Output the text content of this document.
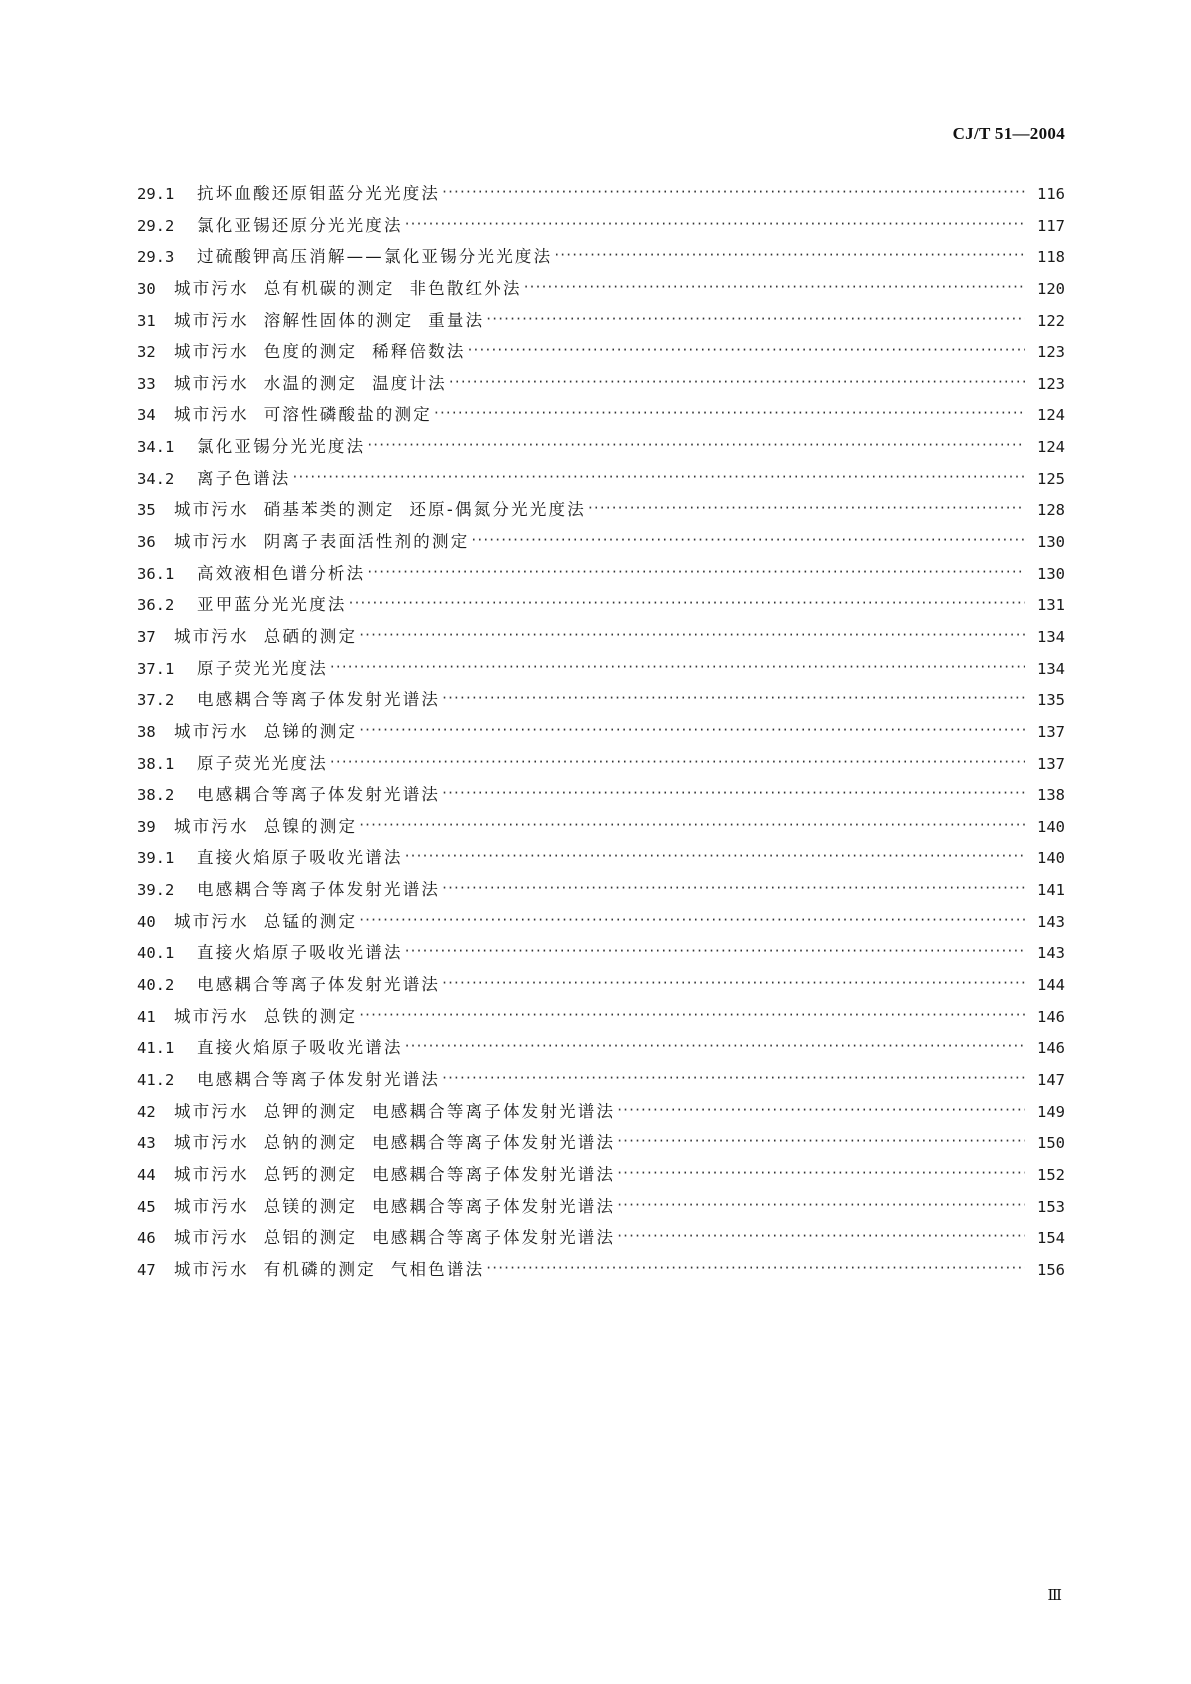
CJ/T 51—2004
29.1	抗坏血酸还原钼蓝分光光度法 ·····	116
29.2	氯化亚锡还原分光光度法 ·····	117
29.3	过硫酸钾高压消解——氯化亚锡分光光度法 ·····	118
30	城市污水  总有机碳的测定  非色散红外法 ·····	120
31	城市污水  溶解性固体的测定  重量法 ·····	122
32	城市污水  色度的测定  稀释倍数法 ·····	123
33	城市污水  水温的测定  温度计法 ·····	123
34	城市污水  可溶性磷酸盐的测定 ·····	124
34.1	氯化亚锡分光光度法 ·····	124
34.2	离子色谱法 ·····	125
35	城市污水  硝基苯类的测定  还原-偶氮分光光度法 ·····	128
36	城市污水  阴离子表面活性剂的测定 ·····	130
36.1	高效液相色谱分析法 ·····	130
36.2	亚甲蓝分光光度法 ·····	131
37	城市污水  总硒的测定 ·····	134
37.1	原子荧光光度法 ·····	134
37.2	电感耦合等离子体发射光谱法 ·····	135
38	城市污水  总锑的测定 ·····	137
38.1	原子荧光光度法 ·····	137
38.2	电感耦合等离子体发射光谱法 ·····	138
39	城市污水  总镍的测定 ·····	140
39.1	直接火焰原子吸收光谱法 ·····	140
39.2	电感耦合等离子体发射光谱法 ·····	141
40	城市污水  总锰的测定 ·····	143
40.1	直接火焰原子吸收光谱法 ·····	143
40.2	电感耦合等离子体发射光谱法 ·····	144
41	城市污水  总铁的测定 ·····	146
41.1	直接火焰原子吸收光谱法 ·····	146
41.2	电感耦合等离子体发射光谱法 ·····	147
42	城市污水  总钾的测定  电感耦合等离子体发射光谱法 ·····	149
43	城市污水  总钠的测定  电感耦合等离子体发射光谱法 ·····	150
44	城市污水  总钙的测定  电感耦合等离子体发射光谱法 ·····	152
45	城市污水  总镁的测定  电感耦合等离子体发射光谱法 ·····	153
46	城市污水  总铝的测定  电感耦合等离子体发射光谱法 ·····	154
47	城市污水  有机磷的测定  气相色谱法 ·····	156
Ⅲ
